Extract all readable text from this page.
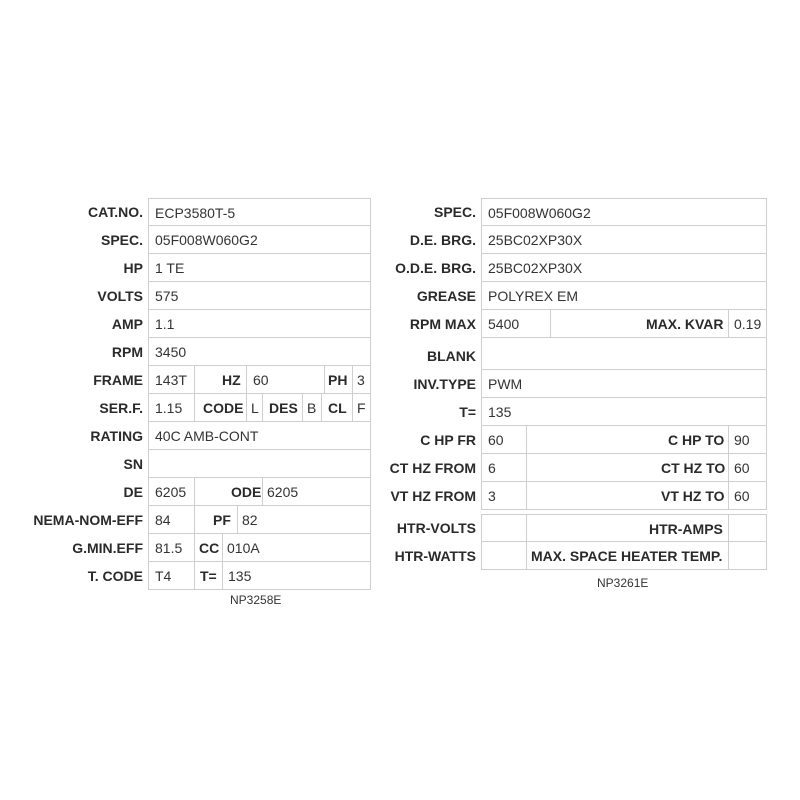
CAT.NO. ECP3580T-5
SPEC. 05F008W060G2
HP 1 TE
VOLTS 575
AMP 1.1
RPM 3450
FRAME 143T	HZ 60	PH 3
SER.F. 1.15 CODE L DES B CL F
RATING 40C AMB-CONT
SN
DE 6205	ODE 6205
NEMA-NOM-EFF 84	PF 82
G.MIN.EFF 81.5 CC 010A
T. CODE T4 T= 135
NP3258E
SPEC. 05F008W060G2
D.E. BRG. 25BC02XP30X
O.D.E. BRG. 25BC02XP30X
GREASE POLYREX EM
RPM MAX 5400	MAX. KVAR 0.19
BLANK
INV.TYPE PWM
T= 135
C HP FR 60	C HP TO 90
CT HZ FROM 6	CT HZ TO 60
VT HZ FROM 3	VT HZ TO 60
HTR-VOLTS	HTR-AMPS
HTR-WATTS	MAX. SPACE HEATER TEMP.
NP3261E
